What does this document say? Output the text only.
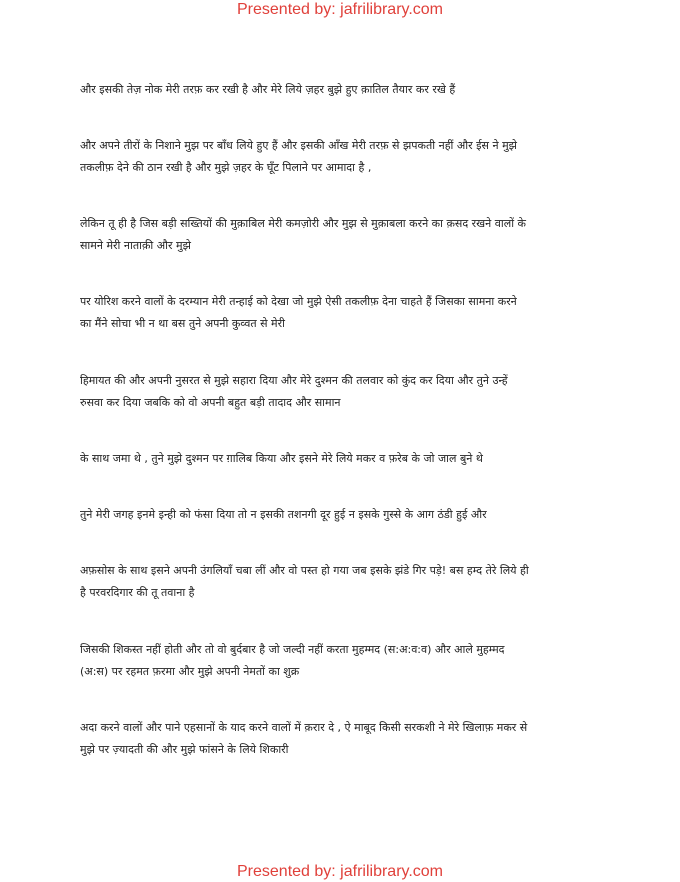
Presented by: jafrilibrary.com
और इसकी तेज़ नोक मेरी तरफ़ कर रखी है और मेरे लिये ज़हर बुझे हुए क़ातिल तैयार कर रखे हैं
और अपने तीरों के निशाने मुझ पर बाँध लिये हुए हैं और इसकी आँख मेरी तरफ़ से झपकती नहीं और ईस ने मुझे
तकलीफ़ देने की ठान रखी है और मुझे ज़हर के घूँट पिलाने पर आमादा है ,
लेकिन तू ही है जिस बड़ी सख्तियों की मुक़ाबिल मेरी कमज़ोरी और मुझ से मुक़ाबला करने का क़सद रखने वालों के
सामने मेरी नाताक़ी और मुझे
पर योरिश करने वालों के दरम्यान मेरी तन्हाई को देखा जो मुझे ऐसी तकलीफ़ देना चाहते हैं जिसका सामना करने
का मैंने सोचा भी न था बस तुने अपनी कुव्वत से मेरी
हिमायत की और अपनी नुसरत से मुझे सहारा दिया और मेरे दुश्मन की तलवार को कुंद कर दिया और तुने उन्हें
रुसवा कर दिया जबकि को वो अपनी बहुत बड़ी तादाद और सामान
के साथ जमा थे , तुने मुझे दुश्मन पर ग़ालिब किया और इसने मेरे लिये मकर व फ़रेब के जो जाल बुने थे
तुने मेरी जगह इनमे इन्ही को फंसा दिया तो न इसकी तशनगी दूर हुई न इसके गुस्से के आग ठंडी हुई और
अफ़सोस के साथ इसने अपनी उंगलियाँ चबा लीं और वो पस्त हो गया जब इसके झंडे गिर पड़े! बस हम्द तेरे लिये ही
है परवरदिगार की तू तवाना है
जिसकी शिकस्त नहीं होती और तो वो बुर्दबार है जो जल्दी नहीं करता मुहम्मद (स:अ:व:व) और आले मुहम्मद
(अ:स) पर रहमत फ़रमा और मुझे अपनी नेमतों का शुक्र
अदा करने वालों और पाने एहसानों के याद करने वालों में क़रार दे , ऐ माबूद किसी सरकशी ने मेरे खिलाफ़ मकर से
मुझे पर ज़्यादती की और मुझे फांसने के लिये शिकारी
Presented by: jafrilibrary.com
